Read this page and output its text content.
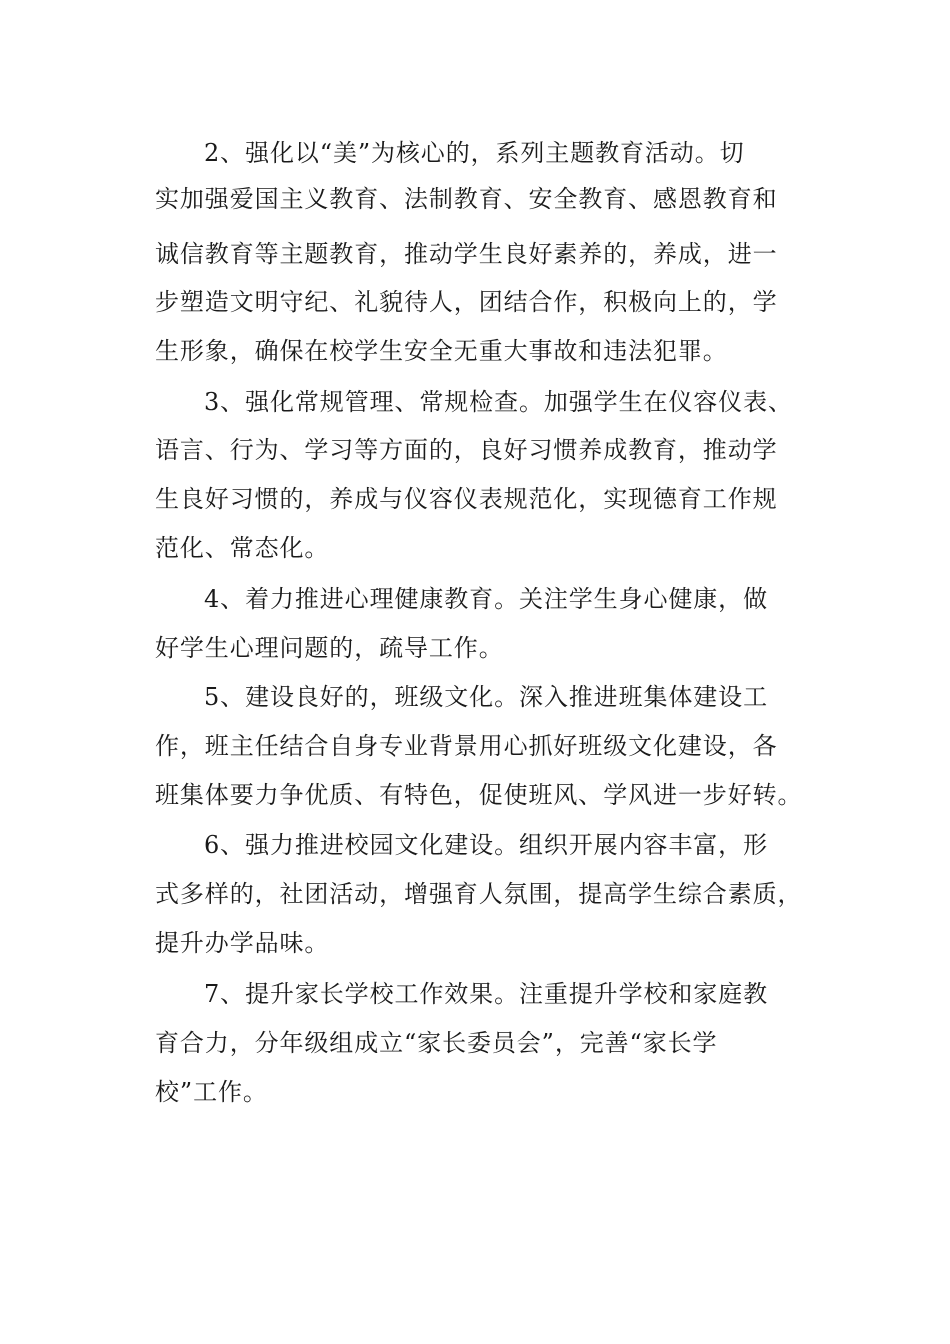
2、强化以“美”为核心的，系列主题教育活动。切
实加强爱国主义教育、法制教育、安全教育、感恩教育和
诚信教育等主题教育，推动学生良好素养的，养成，进一
步塑造文明守纪、礼貌待人，团结合作，积极向上的，学
生形象，确保在校学生安全无重大事故和违法犯罪。
3、强化常规管理、常规检查。加强学生在仪容仪表、
语言、行为、学习等方面的，良好习惯养成教育，推动学
生良好习惯的，养成与仪容仪表规范化，实现德育工作规
范化、常态化。
4、着力推进心理健康教育。关注学生身心健康，做
好学生心理问题的，疏导工作。
5、建设良好的，班级文化。深入推进班集体建设工
作，班主任结合自身专业背景用心抓好班级文化建设，各
班集体要力争优质、有特色，促使班风、学风进一步好转。
6、强力推进校园文化建设。组织开展内容丰富，形
式多样的，社团活动，增强育人氛围，提高学生综合素质，
提升办学品味。
7、提升家长学校工作效果。注重提升学校和家庭教
育合力，分年级组成立“家长委员会”，完善“家长学
校”工作。
